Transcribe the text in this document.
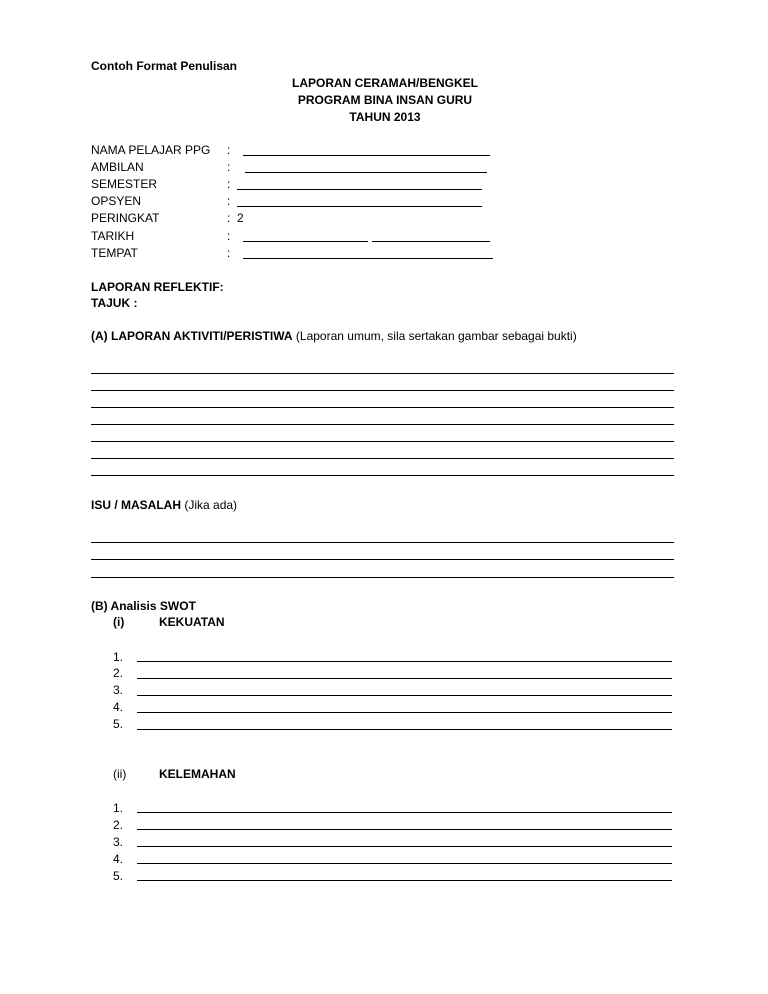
Contoh Format Penulisan
LAPORAN CERAMAH/BENGKEL
PROGRAM BINA INSAN GURU
TAHUN 2013
NAMA PELAJAR PPG :
AMBILAN	:
SEMESTER	:
OPSYEN	:
PERINGKAT	: 2
TARIKH	:
TEMPAT	:
LAPORAN REFLEKTIF:
TAJUK :
(A) LAPORAN AKTIVITI/PERISTIWA (Laporan umum, sila sertakan gambar sebagai bukti)
ISU / MASALAH (Jika ada)
(B) Analisis SWOT
(i)	KEKUATAN
1.
2.
3.
4.
5.
(ii)	KELEMAHAN
1.
2.
3.
4.
5.
